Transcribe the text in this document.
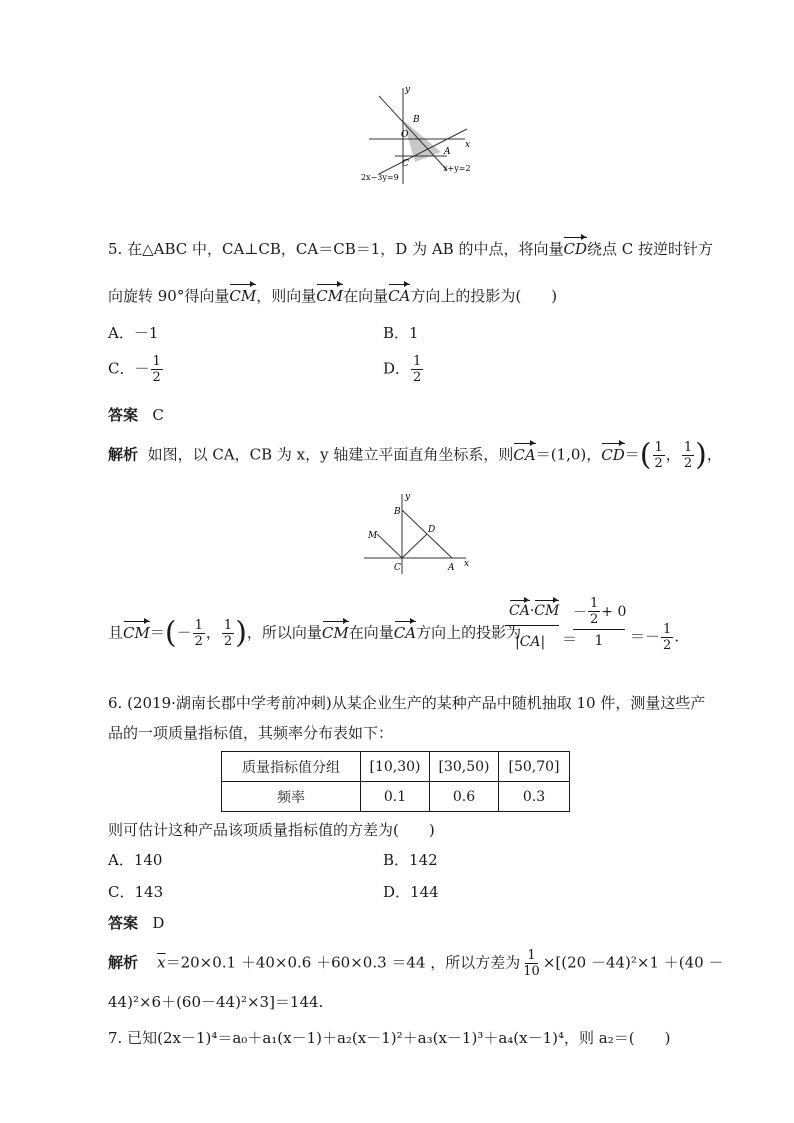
y
x
B
O
A
C
2x−3y=9
x+y=2
5. 在△ABC 中，CA⊥CB，CA＝CB＝1，D 为 AB 的中点，将向量CD绕点 C 按逆时针方
向旋转 90°得向量CM，则向量CM在向量CA方向上的投影为(　　)
A．－1	B．1
C．－ $\frac{1}{2}$	D． $\frac{1}{2}$
答案 C
解析 如图，以 CA，CB 为 x，y 轴建立平面直角坐标系，则CA＝(1,0)，$CD=( \frac{1}{2}$ ， $\frac{1}{2}$ )，
y
x
B
D
M
C	A
且$CM=(- \frac{1}{2}$ ， $\frac{1}{2}$ )，所以向量CM在向量CA方向上的投影为
CA·CM
|CA|	＝
－ $\frac{1}{2} + 0$
1	＝－ $\frac{1}{2}$ .
6. (2019·湖南长郡中学考前冲刺)从某企业生产的某种产品中随机抽取 10 件，测量这些产
品的一项质量指标值，其频率分布表如下：
质量指标值分组	[10,30)	[30,50)	[50,70]
频率	0.1	0.6	0.3
则可估计这种产品该项质量指标值的方差为(　　)
A．140	B．142
C．143	D．144
答案 D
解析 $\overline{x}=20\times 0.1 +40\times 0.6 +60\times 0.3 =44$ ，所以方差为 $\frac{1}{10} \times[(20 -44)^2\times 1 +(40$ －
44)²×6＋(60－44)²×3]＝144.
7. 已知(2x－1)⁴＝a₀＋a₁(x－1)＋a₂(x－1)²＋a₃(x－1)³＋a₄(x－1)⁴，则 a₂＝(　　)
